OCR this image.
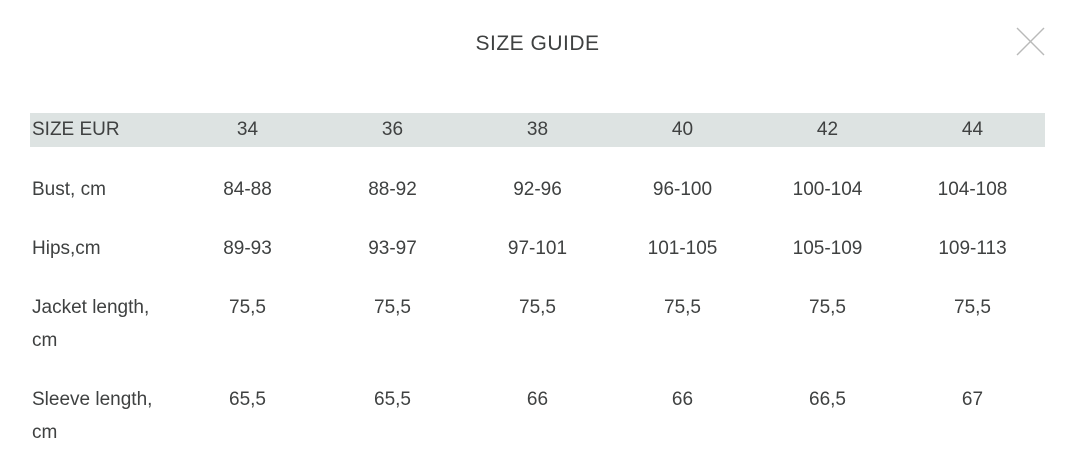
SIZE GUIDE
SIZE EUR	34	36	38	40	42	44
Bust, cm	84-88	88-92	92-96	96-100	100-104	104-108
Hips,cm	89-93	93-97	97-101	101-105	105-109	109-113
Jacket length, cm	75,5	75,5	75,5	75,5	75,5	75,5
Sleeve length, cm	65,5	65,5	66	66	66,5	67
